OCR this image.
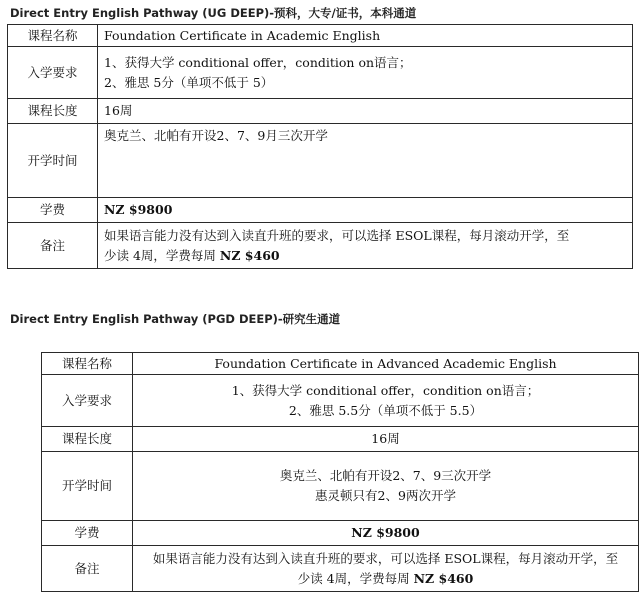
Direct Entry English Pathway (UG DEEP)-预科，大专/证书，本科通道
课程名称	Foundation Certificate in Academic English
入学要求	1、获得大学 conditional offer，condition on语言；
2、雅思 5分（单项不低于 5）

课程长度	16周
开学时间	奥克兰、北帕有开设2、7、9月三次开学
学费	NZ $9800
备注	如果语言能力没有达到入读直升班的要求，可以选择 ESOL课程，每月滚动开学，至
少读 4周，学费每周 NZ $460
Direct Entry English Pathway (PGD DEEP)-研究生通道
课程名称	Foundation Certificate in Advanced Academic English
入学要求	1、获得大学 conditional offer，condition on语言；
2、雅思 5.5分（单项不低于 5.5）

课程长度	16周
开学时间	奥克兰、北帕有开设2、7、9三次开学
惠灵顿只有2、9两次开学

学费	NZ $9800
备注	如果语言能力没有达到入读直升班的要求，可以选择 ESOL课程，每月滚动开学，至
少读 4周，学费每周 NZ $460
